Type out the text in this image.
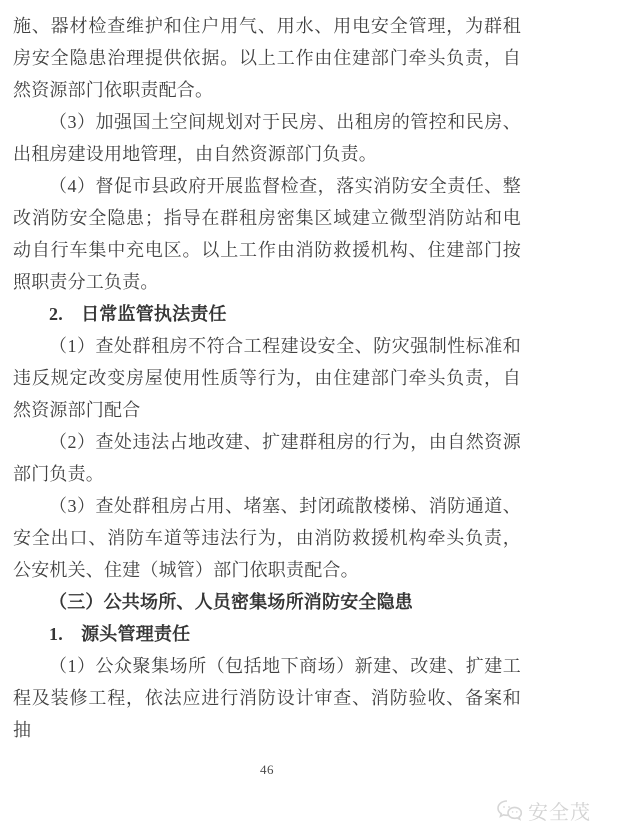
施、器材检查维护和住户用气、用水、用电安全管理，为群租房安全隐患治理提供依据。以上工作由住建部门牵头负责，自然资源部门依职责配合。

（3）加强国土空间规划对于民房、出租房的管控和民房、出租房建设用地管理，由自然资源部门负责。

（4）督促市县政府开展监督检查，落实消防安全责任、整改消防安全隐患；指导在群租房密集区域建立微型消防站和电动自行车集中充电区。以上工作由消防救援机构、住建部门按照职责分工负责。

2.　日常监管执法责任

（1）查处群租房不符合工程建设安全、防灾强制性标准和违反规定改变房屋使用性质等行为，由住建部门牵头负责，自然资源部门配合

（2）查处违法占地改建、扩建群租房的行为，由自然资源部门负责。

（3）查处群租房占用、堵塞、封闭疏散楼梯、消防通道、安全出口、消防车道等违法行为，由消防救援机构牵头负责，公安机关、住建（城管）部门依职责配合。

（三）公共场所、人员密集场所消防安全隐患

1.　源头管理责任

（1）公众聚集场所（包括地下商场）新建、改建、扩建工程及装修工程，依法应进行消防设计审查、消防验收、备案和抽

46
安全茂
